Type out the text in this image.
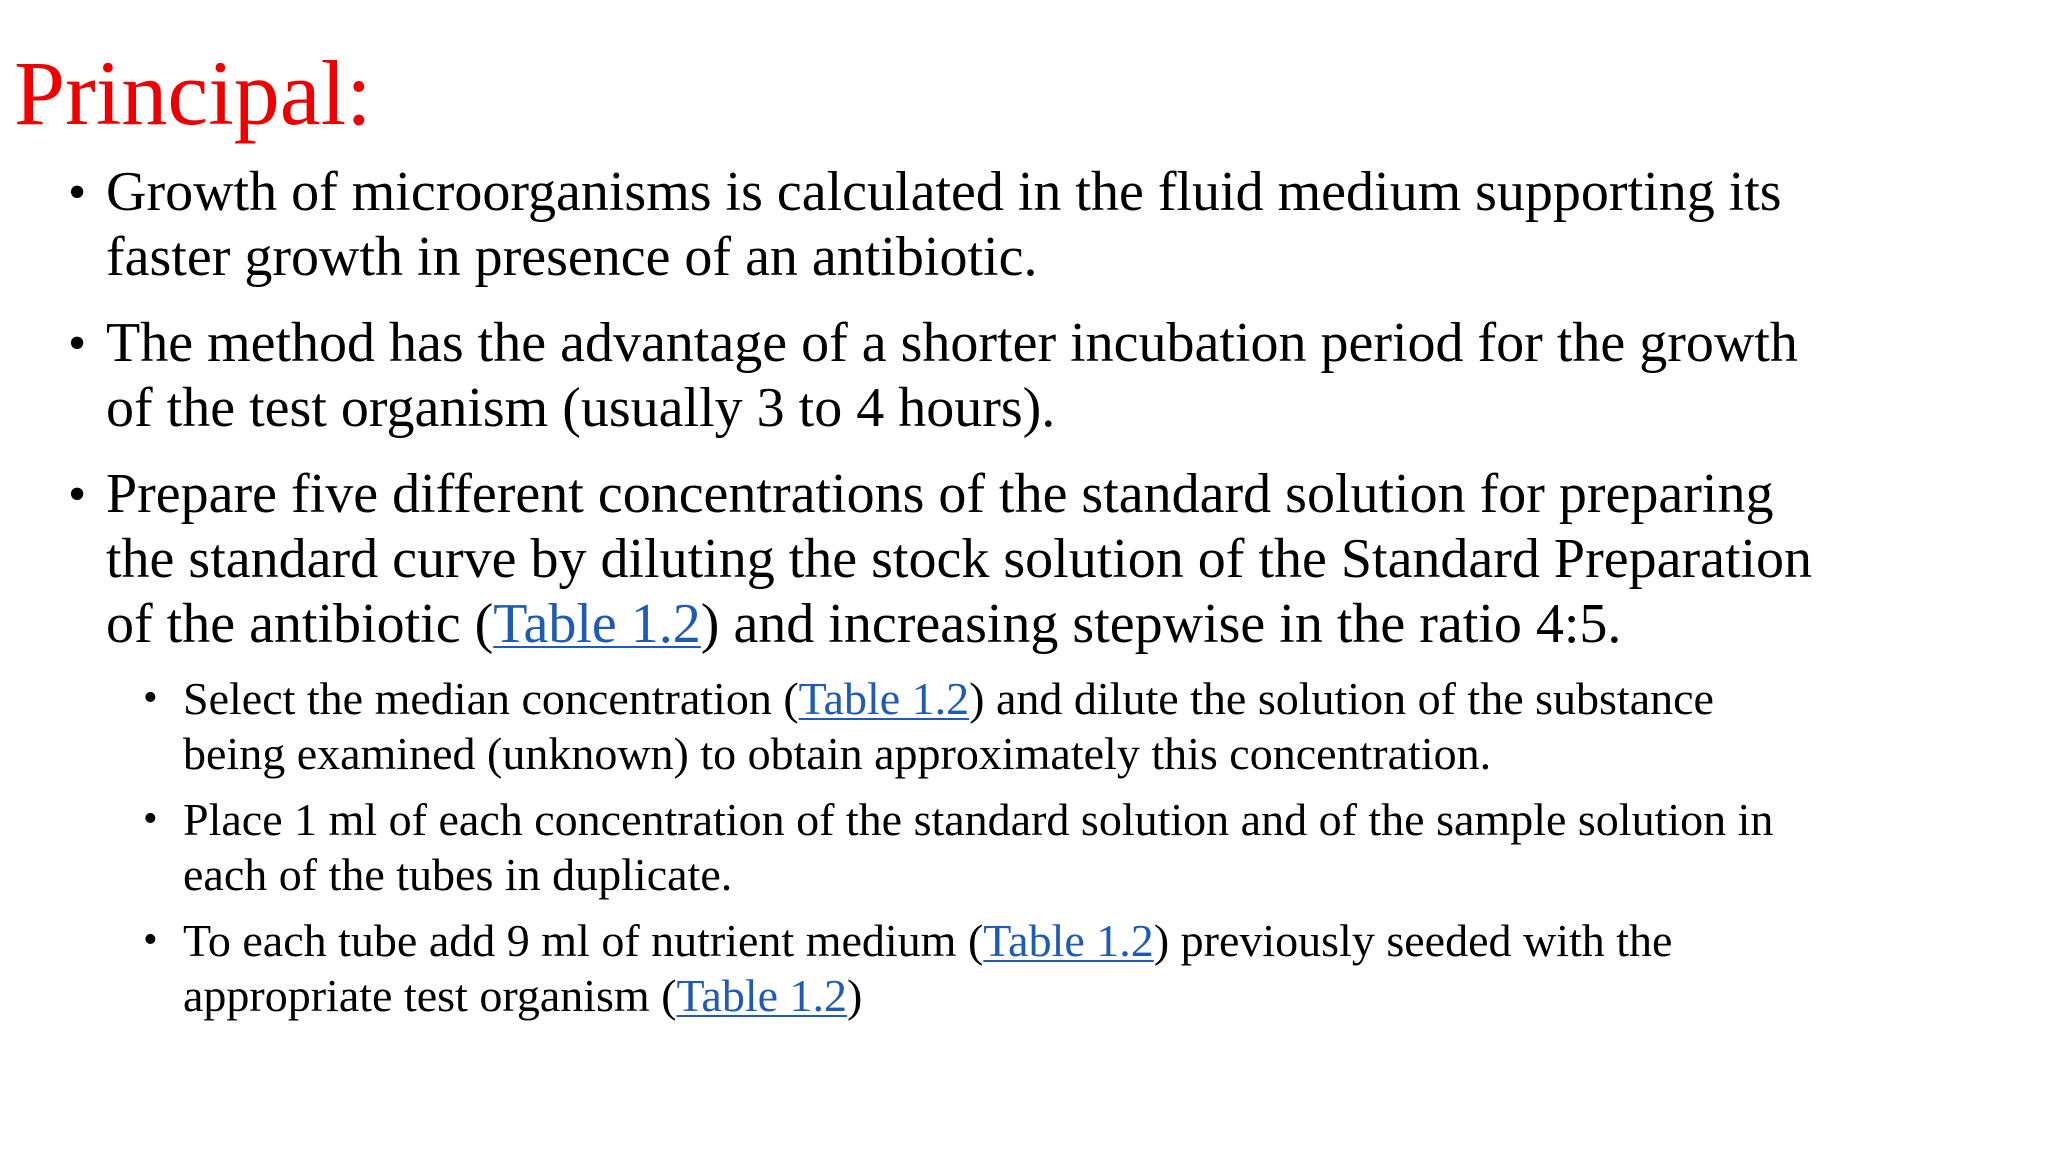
Principal:
• Growth of microorganisms is calculated in the fluid medium supporting its
faster growth in presence of an antibiotic.
• The method has the advantage of a shorter incubation period for the growth
of the test organism (usually 3 to 4 hours).
• Prepare five different concentrations of the standard solution for preparing
the standard curve by diluting the stock solution of the Standard Preparation
of the antibiotic (Table 1.2) and increasing stepwise in the ratio 4:5.
• Select the median concentration (Table 1.2) and dilute the solution of the substance
being examined (unknown) to obtain approximately this concentration.
• Place 1 ml of each concentration of the standard solution and of the sample solution in
each of the tubes in duplicate.
• To each tube add 9 ml of nutrient medium (Table 1.2) previously seeded with the
appropriate test organism (Table 1.2)
